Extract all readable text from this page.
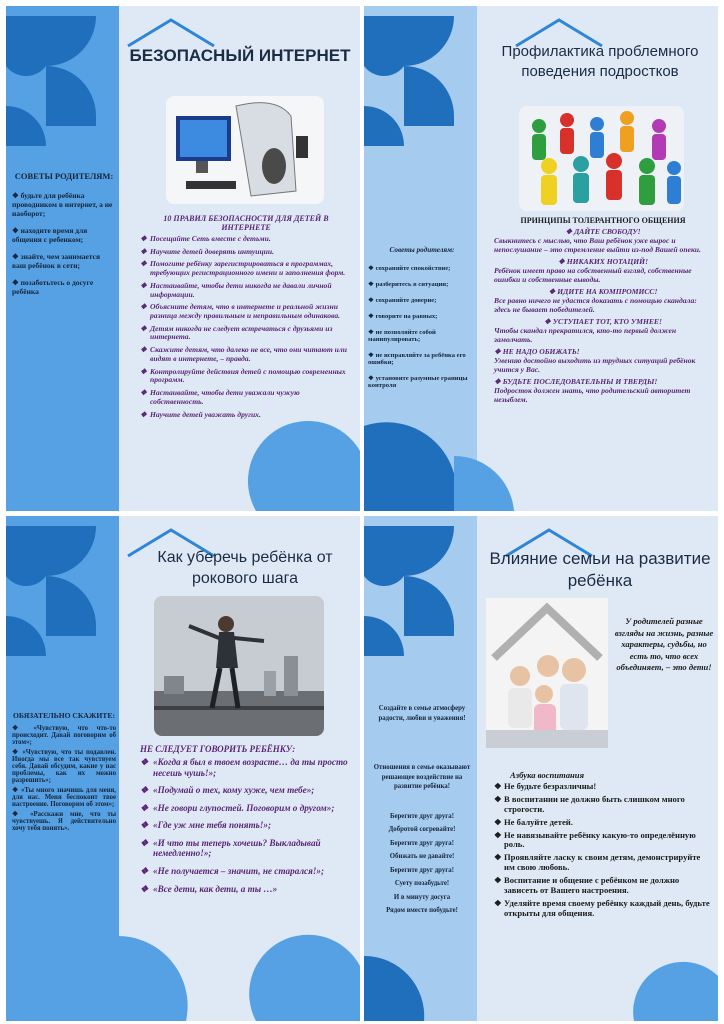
БЕЗОПАСНЫЙ ИНТЕРНЕТ

СОВЕТЫ РОДИТЕЛЯМ:

❖ будьте для ребёнка проводником в интернет, а не наоборот;

❖ находите время для общения с ребенком;

❖ знайте, чем занимается ваш ребёнок в сети;

❖ позаботьтесь о досуге ребёнка

10 ПРАВИЛ БЕЗОПАСНОСТИ ДЛЯ ДЕТЕЙ В ИНТЕРНЕТЕ
❖ Посещайте Сеть вместе с детьми.
❖ Научите детей доверять интуиции.
❖ Помогите ребёнку зарегистрироваться в программах, требующих регистрационного имени и заполнения форм.
❖ Настаивайте, чтобы дети никогда не давали личной информации.
❖ Объясните детям, что в интернете и реальной жизни разница между правильным и неправильным одинакова.
❖ Детям никогда не следует встречаться с друзьями из интернета.
❖ Скажите детям, что далеко не все, что они читают или видят в интернете, – правда.
❖ Контролируйте действия детей с помощью современных программ.
❖ Настаивайте, чтобы дети уважали чужую собственность.
❖ Научите детей уважать других.
Профилактика проблемного поведения подростков

Советы родителям:

❖ сохраняйте спокойствие;

❖ разберитесь в ситуации;

❖ сохраняйте доверие;

❖ говорите на равных;

❖ не позволяйте собой манипулировать;

❖ не исправляйте за ребёнка его ошибки;

❖ установите разумные границы контроля

ПРИНЦИПЫ ТОЛЕРАНТНОГО ОБЩЕНИЯ
❖ ДАЙТЕ СВОБОДУ!
Свыкнитесь с мыслью, что Ваш ребёнок уже вырос и непослушание – это стремление выйти из-под Вашей опеки.
❖ НИКАКИХ НОТАЦИЙ!
Ребёнок имеет право на собственный взгляд, собственные ошибки и собственные выводы.
❖ ИДИТЕ НА КОМПРОМИСС!
Все равно ничего не удастся доказать с помощью скандала: здесь не бывает победителей.
❖ УСТУПАЕТ ТОТ, КТО УМНЕЕ!
Чтобы скандал прекратился, кто-то первый должен замолчать.
❖ НЕ НАДО ОБИЖАТЬ!
Умению достойно выходить из трудных ситуаций ребёнок учится у Вас.
❖ БУДЬТЕ ПОСЛЕДОВАТЕЛЬНЫ И ТВЕРДЫ!
Подросток должен знать, что родительский авторитет незыблем.
Как уберечь ребёнка от рокового шага

ОБЯЗАТЕЛЬНО СКАЖИТЕ:

❖ «Чувствую, что что-то происходит. Давай поговорим об этом»;

❖ «Чувствую, что ты подавлен. Иногда мы все так чувствуем себя. Давай обсудим, какие у нас проблемы, как их можно разрешить»;

❖ «Ты много значишь для меня, для нас. Меня беспокоит твое настроение. Поговорим об этом»;

❖ «Расскажи мне, что ты чувствуешь. Я действительно хочу тебя понять».

НЕ СЛЕДУЕТ ГОВОРИТЬ РЕБЁНКУ:
❖ «Когда я был в твоем возрасте… да ты просто несешь чушь!»;
❖ «Подумай о тех, кому хуже, чем тебе»;
❖ «Не говори глупостей. Поговорим о другом»;
❖ «Где уж мне тебя понять!»;
❖ «И что ты теперь хочешь? Выкладывай немедленно!»;
❖ «Не получается – значит, не старался!»;
❖ «Все дети, как дети, а ты …»
Влияние семьи на развитие ребёнка
У родителей разные взгляды на жизнь, разные характеры, судьбы, но есть то, что всех объединяет, – это дети!

Создайте в семье атмосферу радости, любви и уважения!

Отношения в семье оказывают решающее воздействие на развитие ребёнка!

Берегите друг друга!

Добротой согревайте!

Берегите друг друга!

Обижать не давайте!

Берегите друг друга!

Суету позабудьте!

И в минуту досуга

Рядом вместе побудьте!

Азбука воспитания
❖ Не будьте безразличны!
❖ В воспитании не должно быть слишком много строгости.
❖ Не балуйте детей.
❖ Не навязывайте ребёнку какую-то определённую роль.
❖ Проявляйте ласку к своим детям, демонстрируйте им свою любовь.
❖ Воспитание и общение с ребёнком не должно зависеть от Вашего настроения.
❖ Уделяйте время своему ребёнку каждый день, будьте открыты для общения.
